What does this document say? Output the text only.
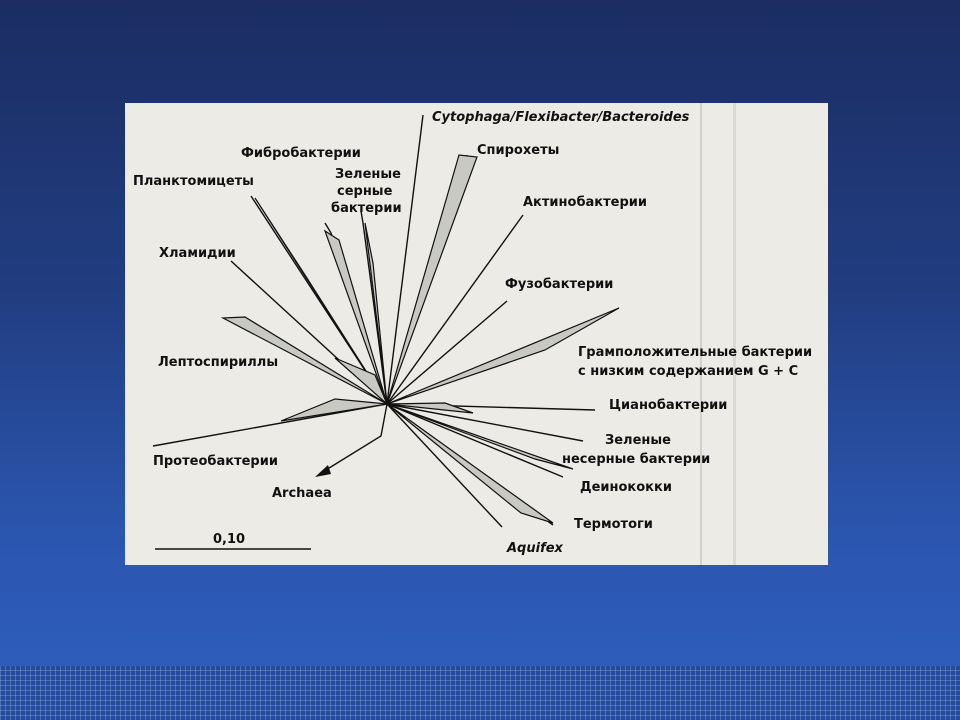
Cytophaga/Flexibacter/Bacteroides
Спирохеты
Фибробактерии
Зеленые
серные
бактерии	Актинобактерии
Планктомицеты
Хламидии
Фузобактерии
Грамположительные бактерии
с низким содержанием G + C
Лептоспириллы
Цианобактерии
Зеленые
несерные бактерии
Протеобактерии
Деинококки
Archaea
Термотоги
Aquifex
0,10
